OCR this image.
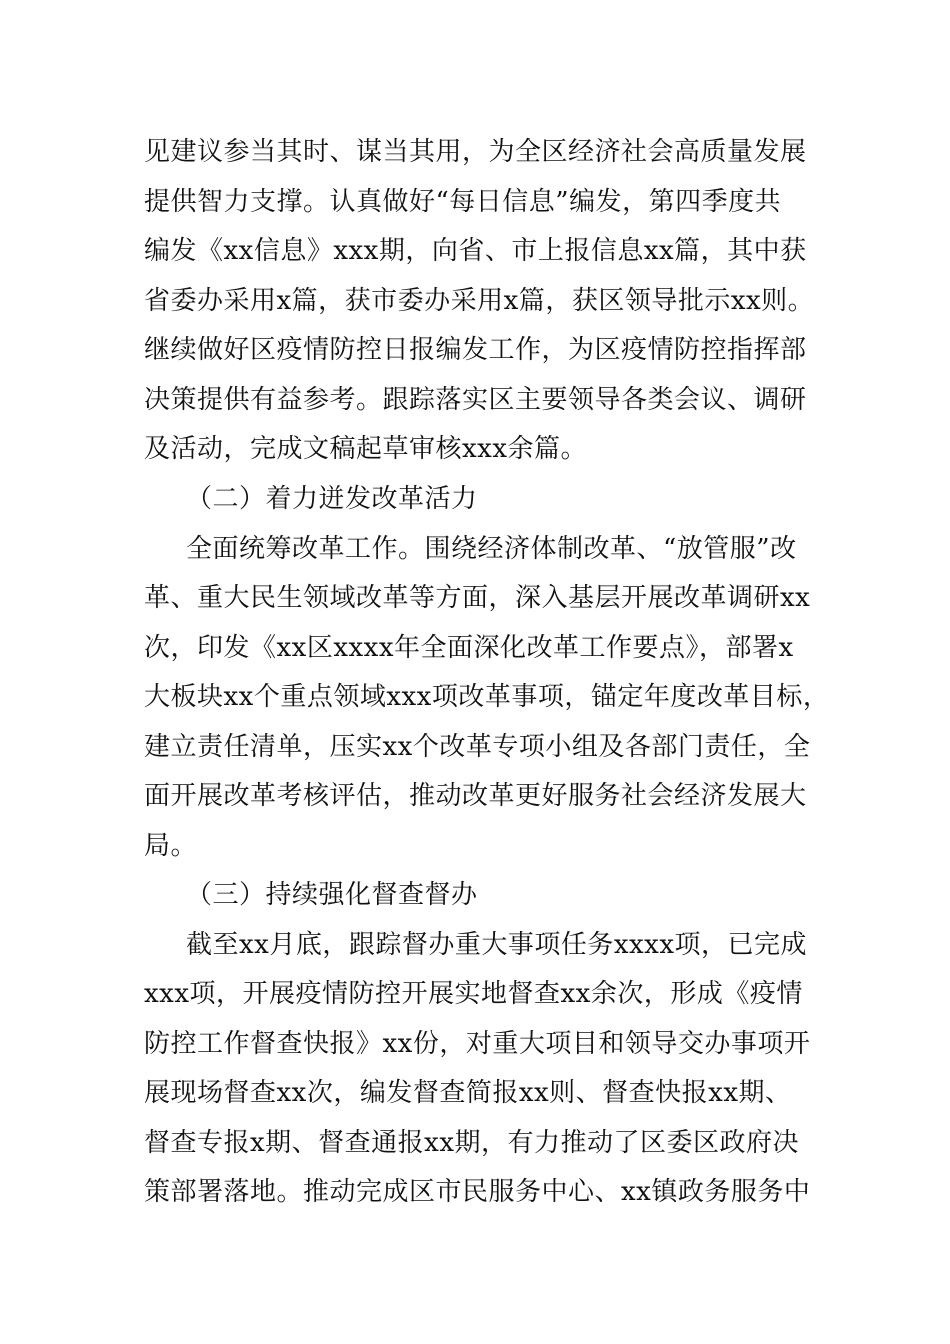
见建议参当其时、谋当其用，为全区经济社会高质量发展
提供智力支撑。认真做好“每日信息”编发，第四季度共
编发《xx信息》xxx期，向省、市上报信息xx篇，其中获
省委办采用x篇，获市委办采用x篇，获区领导批示xx则。
继续做好区疫情防控日报编发工作，为区疫情防控指挥部
决策提供有益参考。跟踪落实区主要领导各类会议、调研
及活动，完成文稿起草审核xxx余篇。
（二）着力迸发改革活力
全面统筹改革工作。围绕经济体制改革、“放管服”改
革、重大民生领域改革等方面，深入基层开展改革调研xx
次，印发《xx区xxxx年全面深化改革工作要点》，部署x
大板块xx个重点领域xxx项改革事项，锚定年度改革目标，
建立责任清单，压实xx个改革专项小组及各部门责任，全
面开展改革考核评估，推动改革更好服务社会经济发展大
局。
（三）持续强化督查督办
截至xx月底，跟踪督办重大事项任务xxxx项，已完成
xxx项，开展疫情防控开展实地督查xx余次，形成《疫情
防控工作督查快报》xx份，对重大项目和领导交办事项开
展现场督查xx次，编发督查简报xx则、督查快报xx期、
督查专报x期、督查通报xx期，有力推动了区委区政府决
策部署落地。推动完成区市民服务中心、xx镇政务服务中
